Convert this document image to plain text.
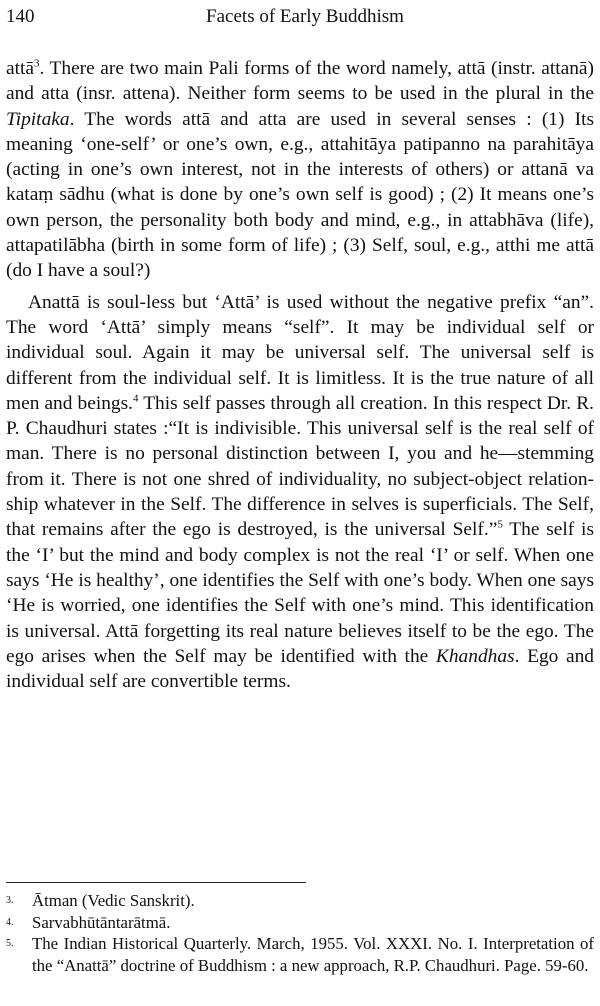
140	Facets of Early Buddhism

attā$^3$. There are two main Pali forms of the word namely, attā (instr. attanā) and atta (insr. attena). Neither form seems to be used in the plural in the Tipitaka. The words attā and atta are used in several senses : (1) Its meaning ‘one-self’ or one’s own, e.g., attahitāya patipanno na parahitāya (acting in one’s own interest, not in the interests of others) or attanā va kataṃ sādhu (what is done by one’s own self is good) ; (2) It means one’s own person, the personality both body and mind, e.g., in attabhāva (life), attapatilābha (birth in some form of life) ; (3) Self, soul, e.g., atthi me attā (do I have a soul?)

Anattā is soul-less but ‘Attā’ is used without the negative prefix “an”. The word ‘Attā’ simply means “self”. It may be individual self or individual soul. Again it may be universal self. The universal self is different from the individual self. It is limitless. It is the true nature of all men and beings.$^4$ This self passes through all creation. In this respect Dr. R. P. Chaudhuri states :“It is indivisible. This universal self is the real self of man. There is no personal distinction between I, you and he—stemming from it. There is not one shred of individuality, no subject-object relation-ship whatever in the Self. The difference in selves is superficials. The Self, that remains after the ego is destroyed, is the universal Self.”$^5$ The self is the ‘I’ but the mind and body complex is not the real ‘I’ or self. When one says ‘He is healthy’, one identifies the Self with one’s body. When one says ‘He is worried, one identifies the Self with one’s mind. This identification is universal. Attā forgetting its real nature believes itself to be the ego. The ego arises when the Self may be identified with the Khandhas. Ego and individual self are convertible terms.

3. Ātman (Vedic Sanskrit).
4. Sarvabhūtāntarātmā.
5. The Indian Historical Quarterly. March, 1955. Vol. XXXI. No. I. Interpretation of the “Anattā” doctrine of Buddhism : a new approach, R.P. Chaudhuri. Page. 59-60.
